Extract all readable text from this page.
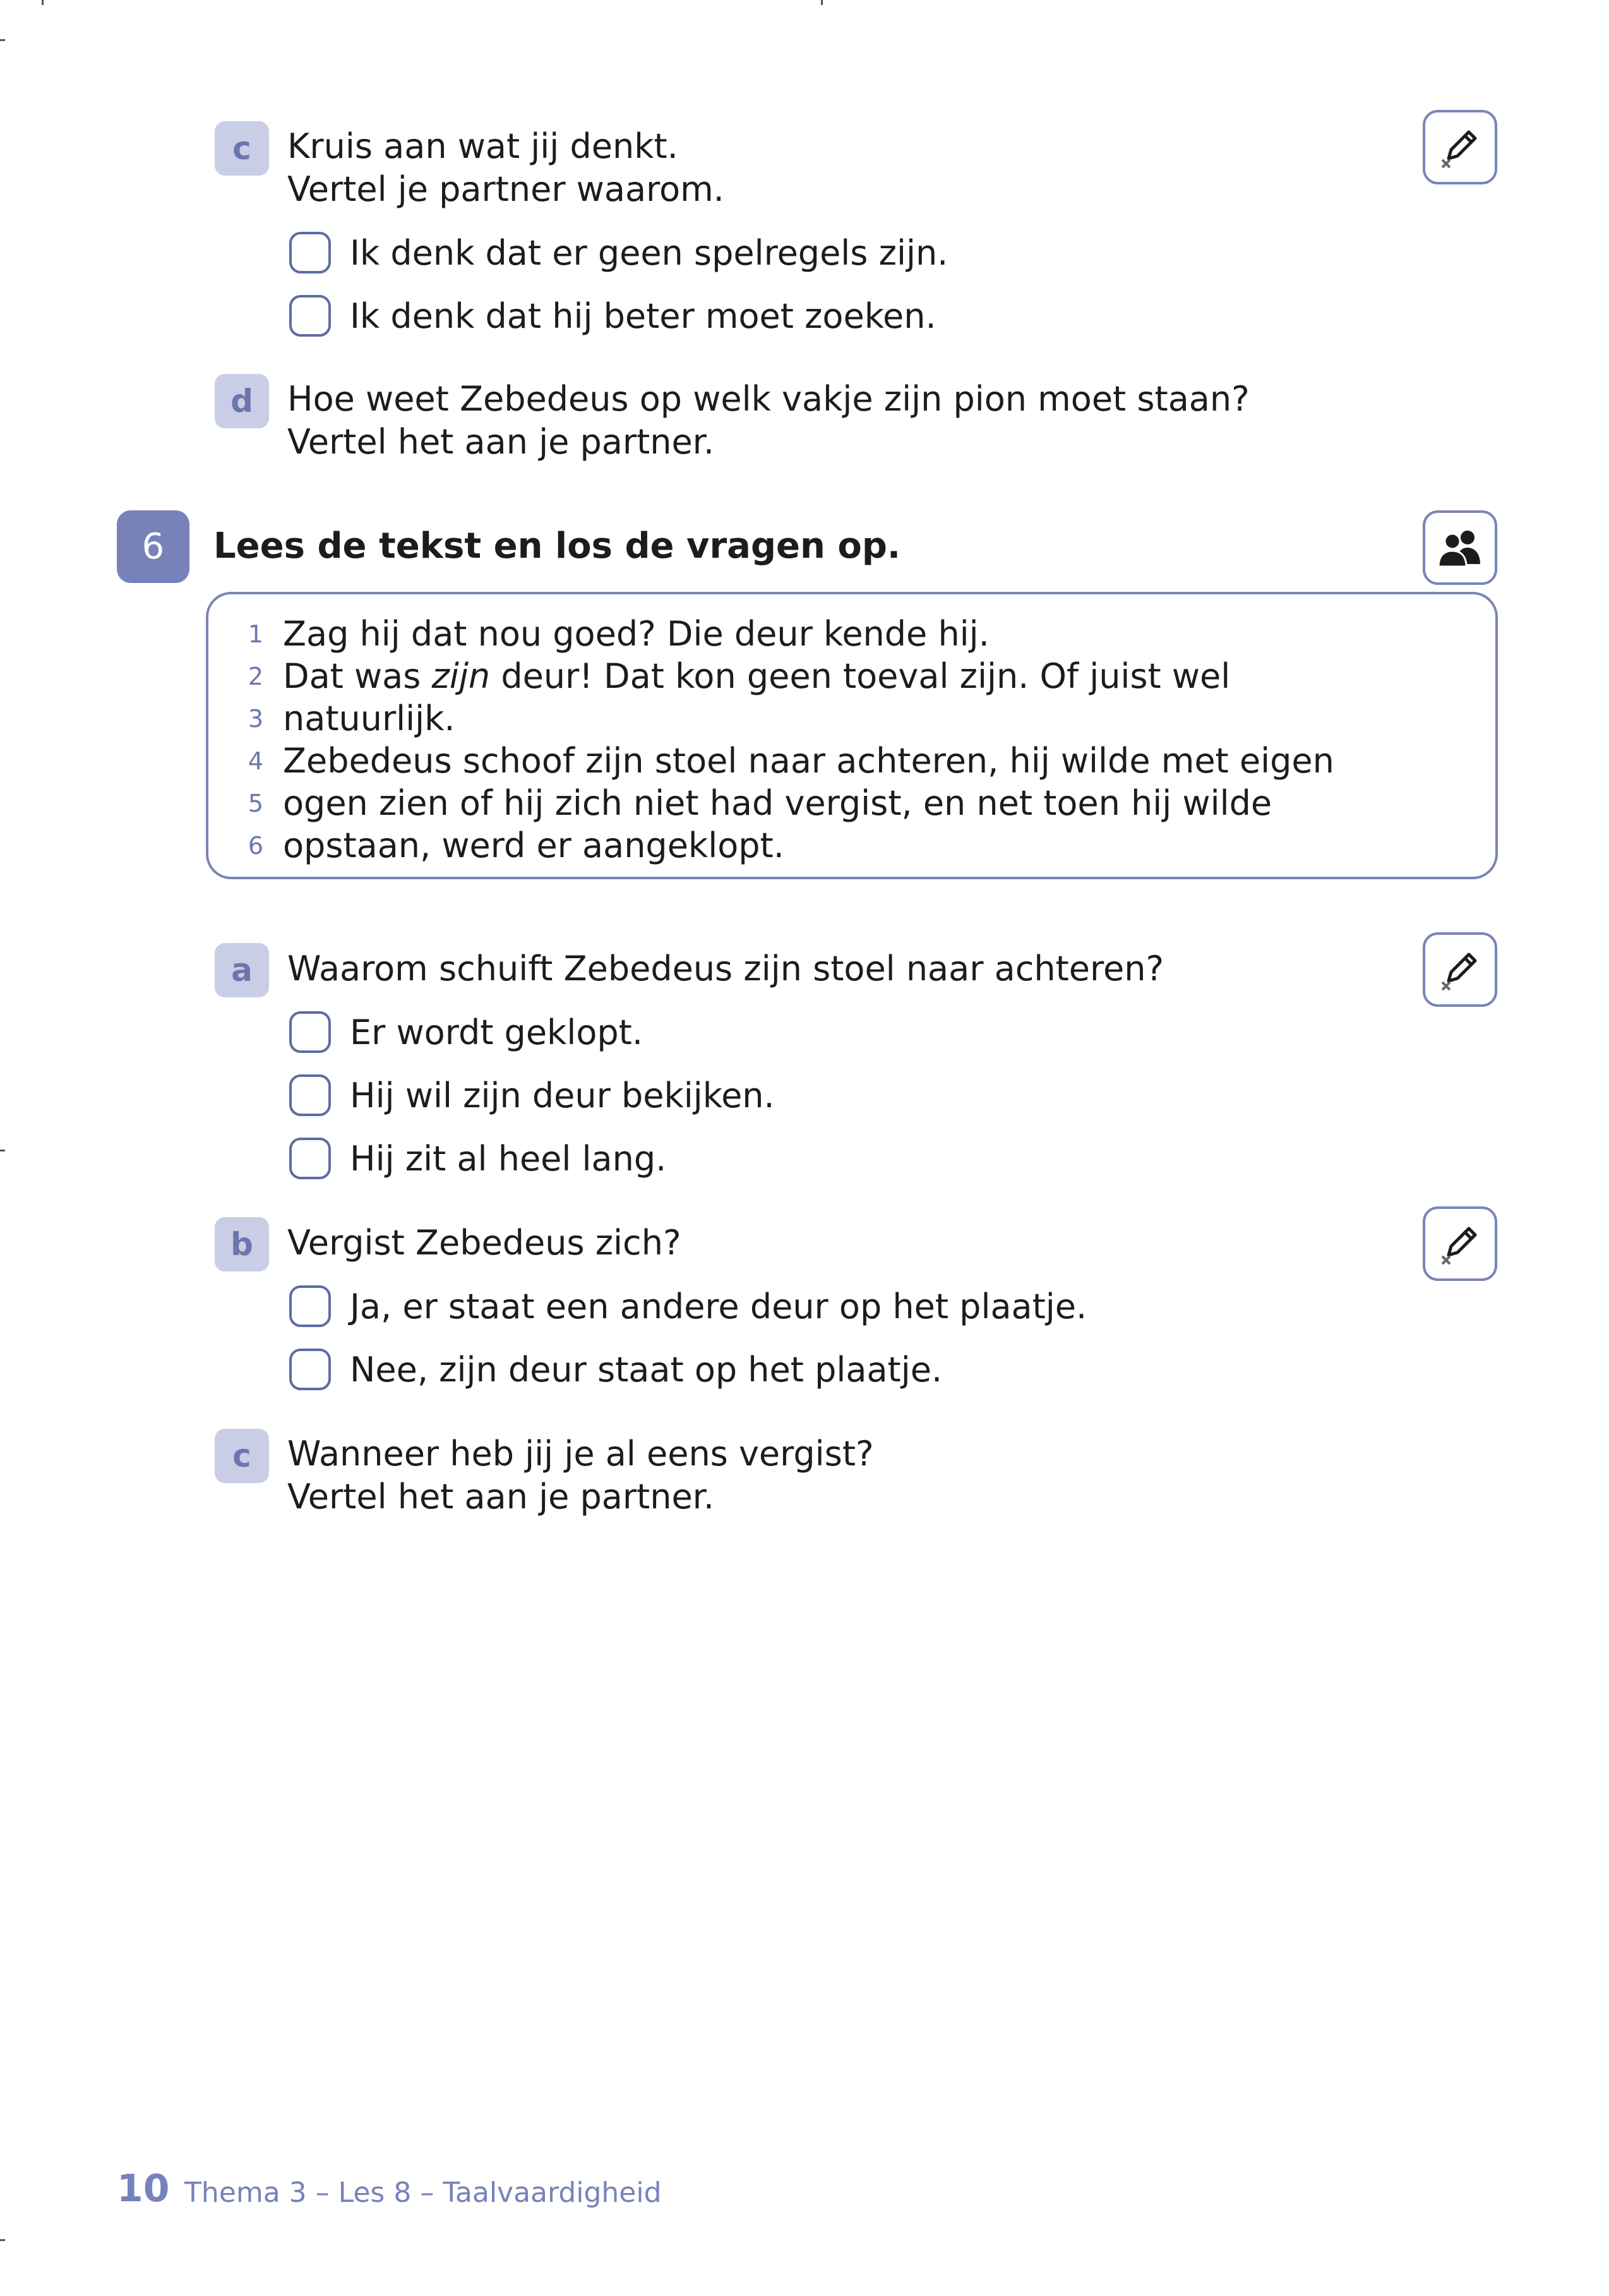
c	Kruis aan wat jij denkt.
Vertel je partner waarom.
Ik denk dat er geen spelregels zijn.
Ik denk dat hij beter moet zoeken.
d	Hoe weet Zebedeus op welk vakje zijn pion moet staan?
Vertel het aan je partner.
6	Lees de tekst en los de vragen op.
1 Zag hij dat nou goed? Die deur kende hij.
2 Dat was zijn deur! Dat kon geen toeval zijn. Of juist wel
3 natuurlijk.
4 Zebedeus schoof zijn stoel naar achteren, hij wilde met eigen
5 ogen zien of hij zich niet had vergist, en net toen hij wilde
6 opstaan, werd er aangeklopt.
a	Waarom schuift Zebedeus zijn stoel naar achteren?
Er wordt geklopt.
Hij wil zijn deur bekijken.
Hij zit al heel lang.
b	Vergist Zebedeus zich?
Ja, er staat een andere deur op het plaatje.
Nee, zijn deur staat op het plaatje.
c	Wanneer heb jij je al eens vergist?
Vertel het aan je partner.
10 Thema 3 – Les 8 – Taalvaardigheid
